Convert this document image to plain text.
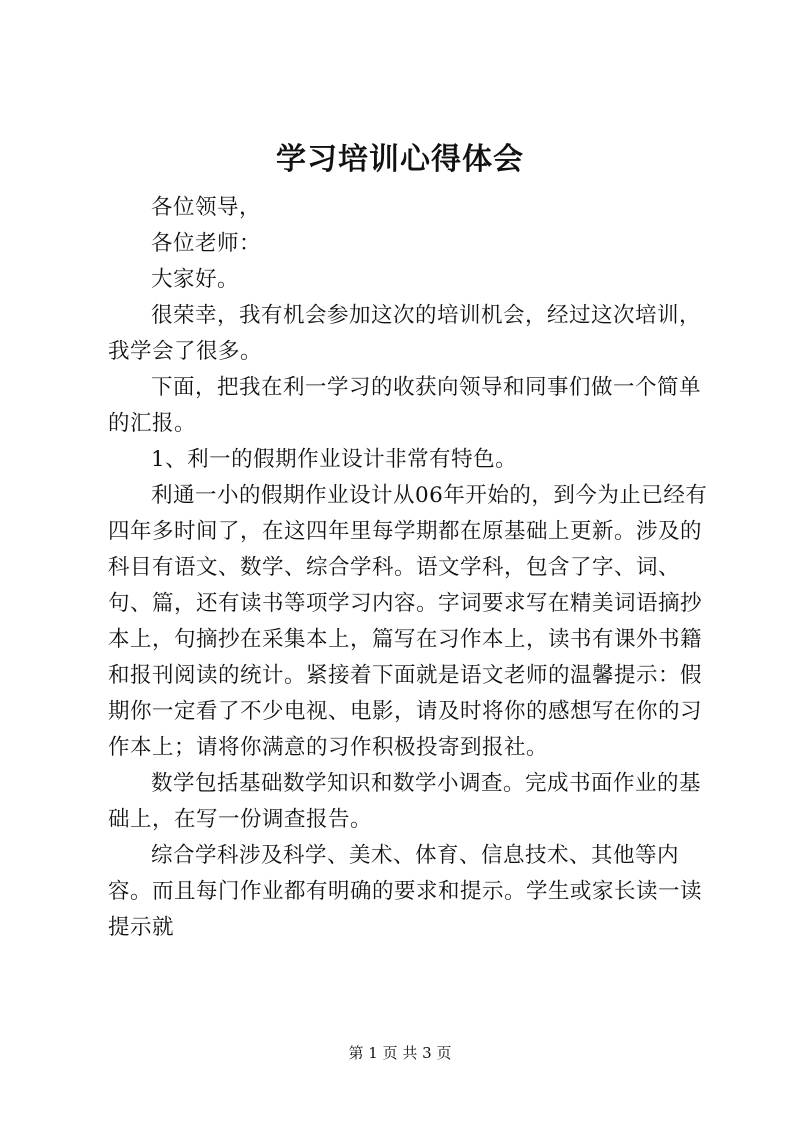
学习培训心得体会

各位领导，

各位老师：

大家好。

很荣幸，我有机会参加这次的培训机会，经过这次培训，我学会了很多。

下面，把我在利一学习的收获向领导和同事们做一个简单的汇报。

1、利一的假期作业设计非常有特色。

利通一小的假期作业设计从06年开始的，到今为止已经有四年多时间了，在这四年里每学期都在原基础上更新。涉及的科目有语文、数学、综合学科。语文学科，包含了字、词、句、篇，还有读书等项学习内容。字词要求写在精美词语摘抄本上，句摘抄在采集本上，篇写在习作本上，读书有课外书籍和报刊阅读的统计。紧接着下面就是语文老师的温馨提示：假期你一定看了不少电视、电影，请及时将你的感想写在你的习作本上；请将你满意的习作积极投寄到报社。

数学包括基础数学知识和数学小调查。完成书面作业的基础上，在写一份调查报告。

综合学科涉及科学、美术、体育、信息技术、其他等内容。而且每门作业都有明确的要求和提示。学生或家长读一读提示就

第 1 页 共 3 页
